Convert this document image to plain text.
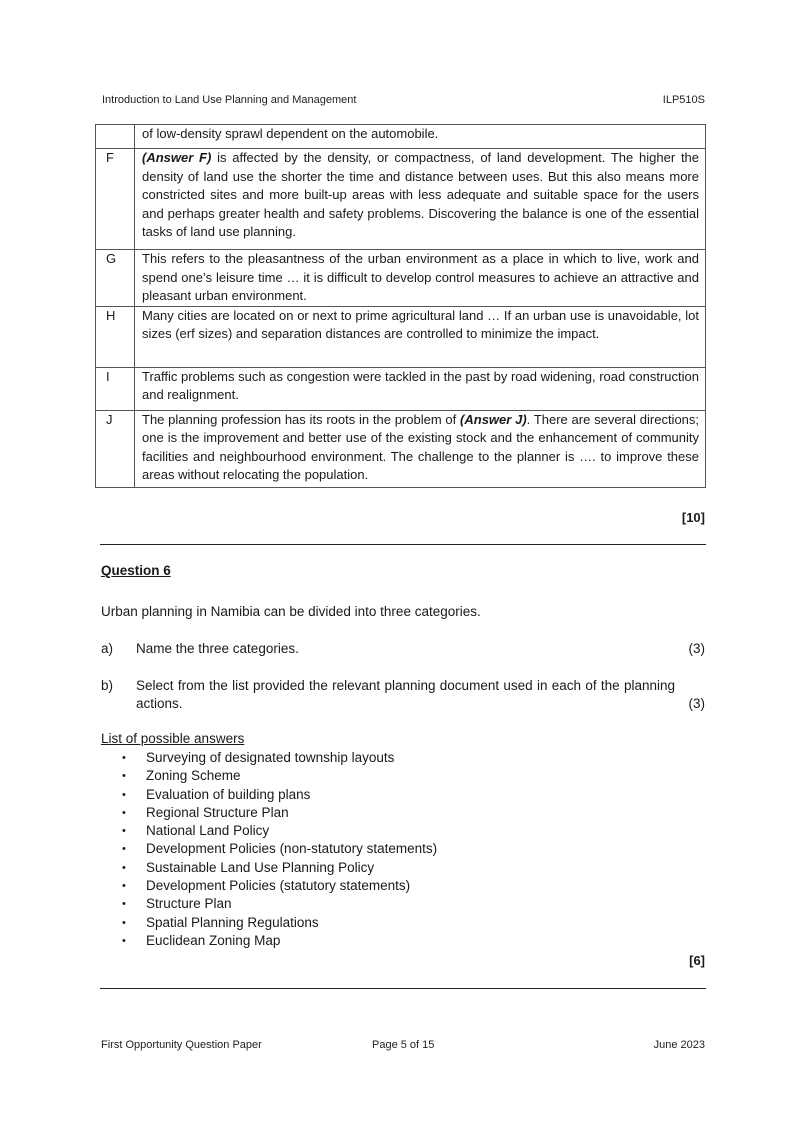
Introduction to Land Use Planning and Management	ILP510S
	of low-density sprawl dependent on the automobile.
F	(Answer F) is affected by the density, or compactness, of land development. The higher the density of land use the shorter the time and distance between uses. But this also means more constricted sites and more built-up areas with less adequate and suitable space for the users and perhaps greater health and safety problems. Discovering the balance is one of the essential tasks of land use planning.
G	This refers to the pleasantness of the urban environment as a place in which to live, work and spend one’s leisure time … it is difficult to develop control measures to achieve an attractive and pleasant urban environment.
H	Many cities are located on or next to prime agricultural land … If an urban use is unavoidable, lot sizes (erf sizes) and separation distances are controlled to minimize the impact.
I	Traffic problems such as congestion were tackled in the past by road widening, road construction and realignment.
J	The planning profession has its roots in the problem of (Answer J). There are several directions; one is the improvement and better use of the existing stock and the enhancement of community facilities and neighbourhood environment. The challenge to the planner is …. to improve these areas without relocating the population.
[10]
Question 6
Urban planning in Namibia can be divided into three categories.
a) Name the three categories.	(3)
b) Select from the list provided the relevant planning document used in each of the planning actions.	(3)
List of possible answers
• Surveying of designated township layouts
• Zoning Scheme
• Evaluation of building plans
• Regional Structure Plan
• National Land Policy
• Development Policies (non-statutory statements)
• Sustainable Land Use Planning Policy
• Development Policies (statutory statements)
• Structure Plan
• Spatial Planning Regulations
• Euclidean Zoning Map
[6]
First Opportunity Question Paper	Page 5 of 15	June 2023
